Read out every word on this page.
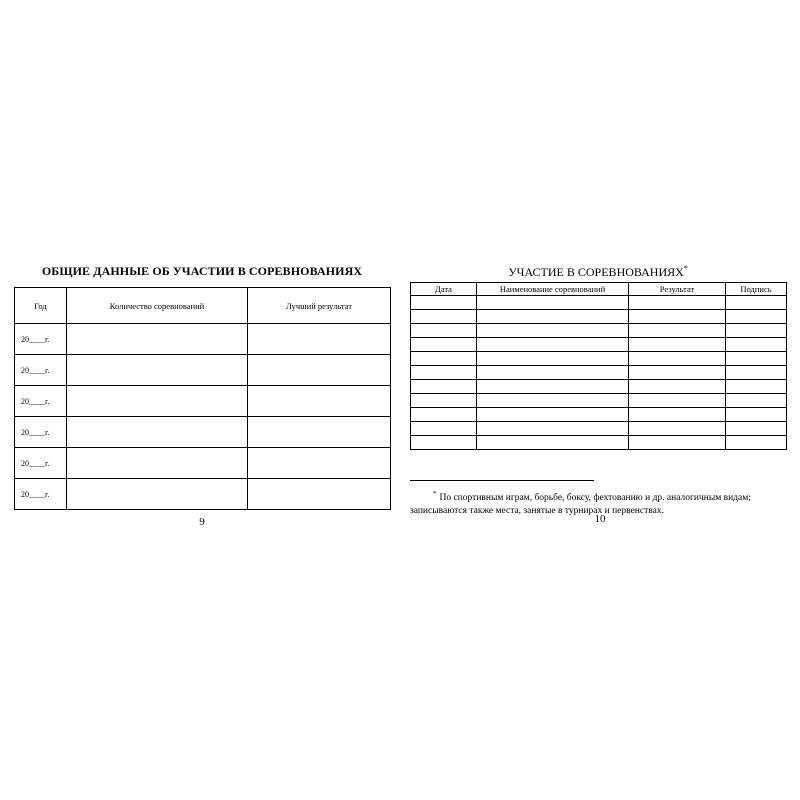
ОБЩИЕ ДАННЫЕ ОБ УЧАСТИИ В СОРЕВНОВАНИЯХ
Год	Количество соревнований	Лучший результат
20____г.		
20____г.		
20____г.		
20____г.		
20____г.		
20____г.		
9
УЧАСТИЕ В СОРЕВНОВАНИЯХ*
Дата	Наименование соревнований	Результат	Подпись

* По спортивным играм, борьбе, боксу, фехтованию и др. аналогичным видам;
записываются также места, занятые в турнирах и первенствах.
10
